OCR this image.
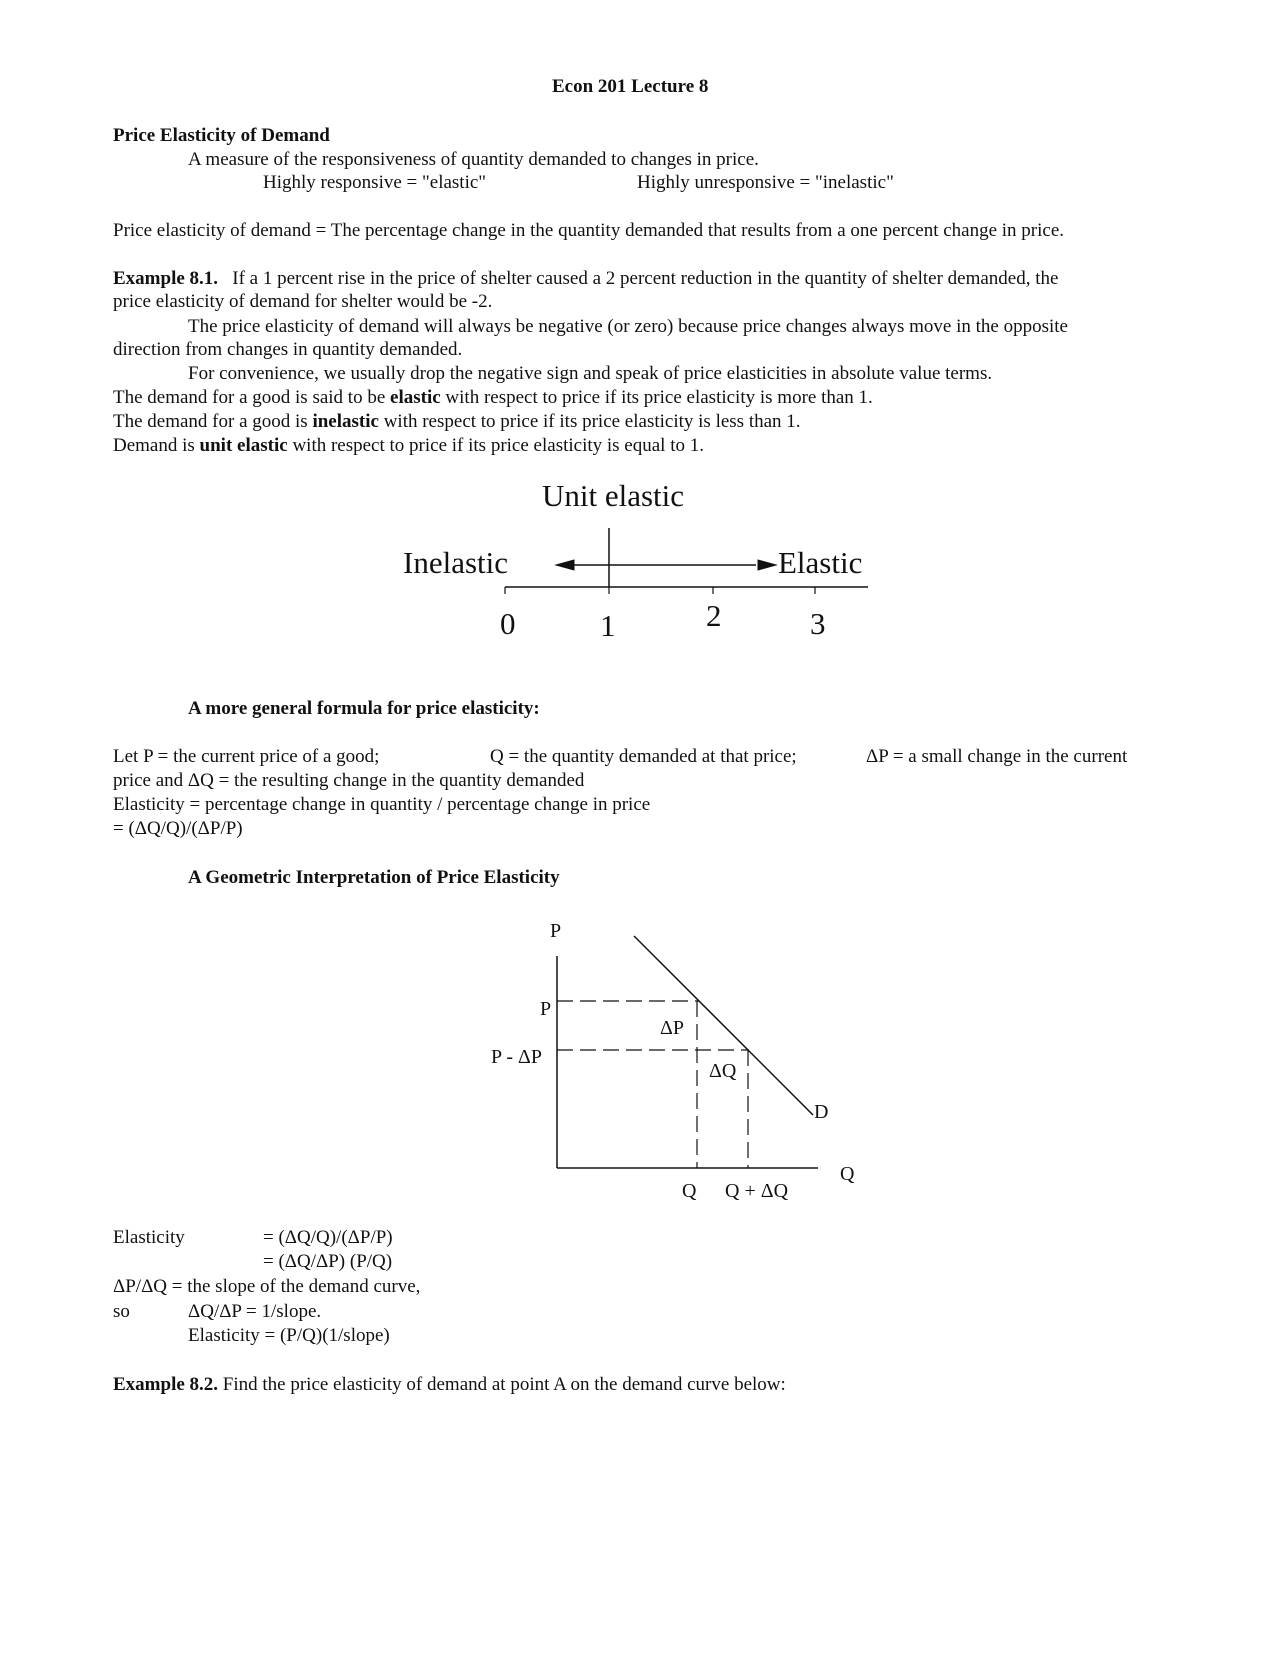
Econ 201 Lecture 8
Price Elasticity of Demand
A measure of the responsiveness of quantity demanded to changes in price.
Highly responsive = "elastic"	Highly unresponsive = "inelastic"
Price elasticity of demand = The percentage change in the quantity demanded that results from a one percent change in price.
Example 8.1. If a 1 percent rise in the price of shelter caused a 2 percent reduction in the quantity of shelter demanded, the
price elasticity of demand for shelter would be -2.
The price elasticity of demand will always be negative (or zero) because price changes always move in the opposite
direction from changes in quantity demanded.
For convenience, we usually drop the negative sign and speak of price elasticities in absolute value terms.
The demand for a good is said to be elastic with respect to price if its price elasticity is more than 1.
The demand for a good is inelastic with respect to price if its price elasticity is less than 1.
Demand is unit elastic with respect to price if its price elasticity is equal to 1.
Unit elastic
Inelastic	Elastic
0	1	2	3
P
P
P - ΔP
ΔP
ΔQ
D
Q
Q Q + ΔQ
A more general formula for price elasticity:
Let P = the current price of a good;	Q = the quantity demanded at that price;	ΔP = a small change in the current
price and ΔQ = the resulting change in the quantity demanded
Elasticity = percentage change in quantity / percentage change in price
= (ΔQ/Q)/(ΔP/P)
A Geometric Interpretation of Price Elasticity
Elasticity	= (ΔQ/Q)/(ΔP/P)
= (ΔQ/ΔP) (P/Q)
ΔP/ΔQ = the slope of the demand curve,
so	ΔQ/ΔP = 1/slope.
Elasticity = (P/Q)(1/slope)
Example 8.2. Find the price elasticity of demand at point A on the demand curve below:
